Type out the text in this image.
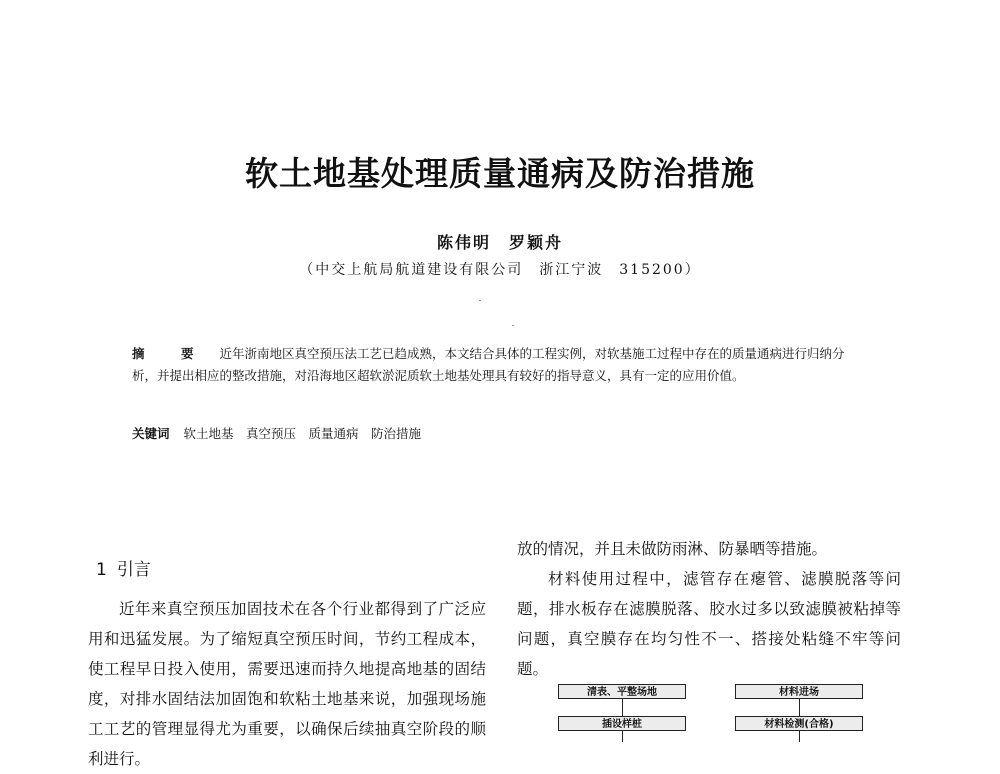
软土地基处理质量通病及防治措施
陈伟明　罗颖舟
（中交上航局航道建设有限公司　浙江宁波　315200）
摘　要 近年浙南地区真空预压法工艺已趋成熟，本文结合具体的工程实例，对软基施工过程中存在的质量通病进行归纳分析，并提出相应的整改措施，对沿海地区超软淤泥质软土地基处理具有较好的指导意义，具有一定的应用价值。
关键词 软土地基　真空预压　质量通病　防治措施
1 引言

近年来真空预压加固技术在各个行业都得到了广泛应用和迅猛发展。为了缩短真空预压时间，节约工程成本，使工程早日投入使用，需要迅速而持久地提高地基的固结度，对排水固结法加固饱和软粘土地基来说，加强现场施工工艺的管理显得尤为重要，以确保后续抽真空阶段的顺利进行。

放的情况，并且未做防雨淋、防暴晒等措施。

材料使用过程中，滤管存在瘪管、滤膜脱落等问题，排水板存在滤膜脱落、胶水过多以致滤膜被粘掉等问题，真空膜存在均匀性不一、搭接处粘缝不牢等问题。

清表、平整场地	材料进场
插设样桩	材料检测(合格)
